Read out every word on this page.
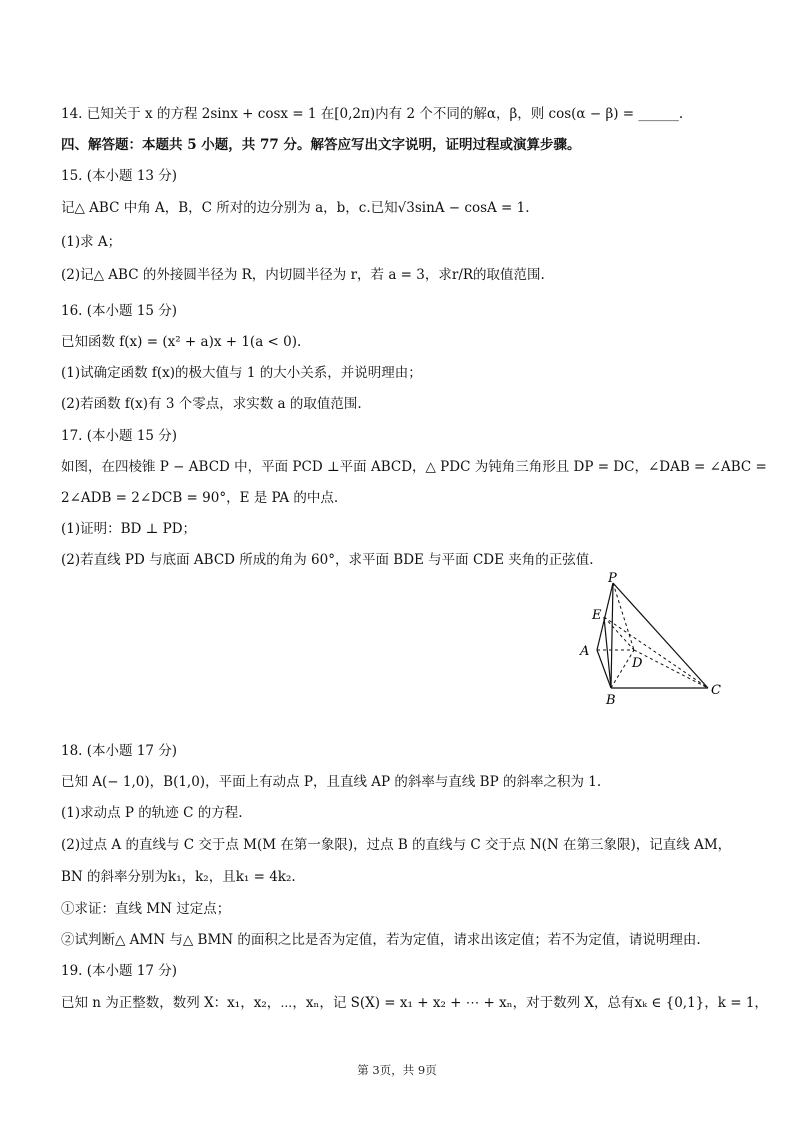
14. 已知关于 x 的方程 2sinx + cosx = 1 在[0,2π)内有 2 个不同的解α，β，则 cos(α − β) = ______.
四、解答题：本题共 5 小题，共 77 分。解答应写出文字说明，证明过程或演算步骤。
15. (本小题 13 分)
记△ ABC 中角 A，B，C 所对的边分别为 a，b，c.已知√3sinA − cosA = 1.
(1)求 A；
(2)记△ ABC 的外接圆半径为 R，内切圆半径为 r，若 a = 3，求r/R的取值范围.
16. (本小题 15 分)
已知函数 f(x) = (x² + a)x + 1(a < 0).
(1)试确定函数 f(x)的极大值与 1 的大小关系，并说明理由；
(2)若函数 f(x)有 3 个零点，求实数 a 的取值范围.
17. (本小题 15 分)
如图，在四棱锥 P − ABCD 中，平面 PCD ⊥平面 ABCD，△ PDC 为钝角三角形且 DP = DC，∠DAB = ∠ABC =
2∠ADB = 2∠DCB = 90°，E 是 PA 的中点.
(1)证明：BD ⊥ PD；
(2)若直线 PD 与底面 ABCD 所成的角为 60°，求平面 BDE 与平面 CDE 夹角的正弦值.
P
E
A
D
B
C
18. (本小题 17 分)
已知 A(− 1,0)，B(1,0)，平面上有动点 P，且直线 AP 的斜率与直线 BP 的斜率之积为 1.
(1)求动点 P 的轨迹 C 的方程.
(2)过点 A 的直线与 C 交于点 M(M 在第一象限)，过点 B 的直线与 C 交于点 N(N 在第三象限)，记直线 AM，
BN 的斜率分别为k₁，k₂，且k₁ = 4k₂.
①求证：直线 MN 过定点；
②试判断△ AMN 与△ BMN 的面积之比是否为定值，若为定值，请求出该定值；若不为定值，请说明理由.
19. (本小题 17 分)
已知 n 为正整数，数列 X：x₁，x₂，⋯，xₙ，记 S(X) = x₁ + x₂ + ⋯ + xₙ，对于数列 X，总有xₖ ∈ {0,1}，k = 1，
第 3页，共 9页
